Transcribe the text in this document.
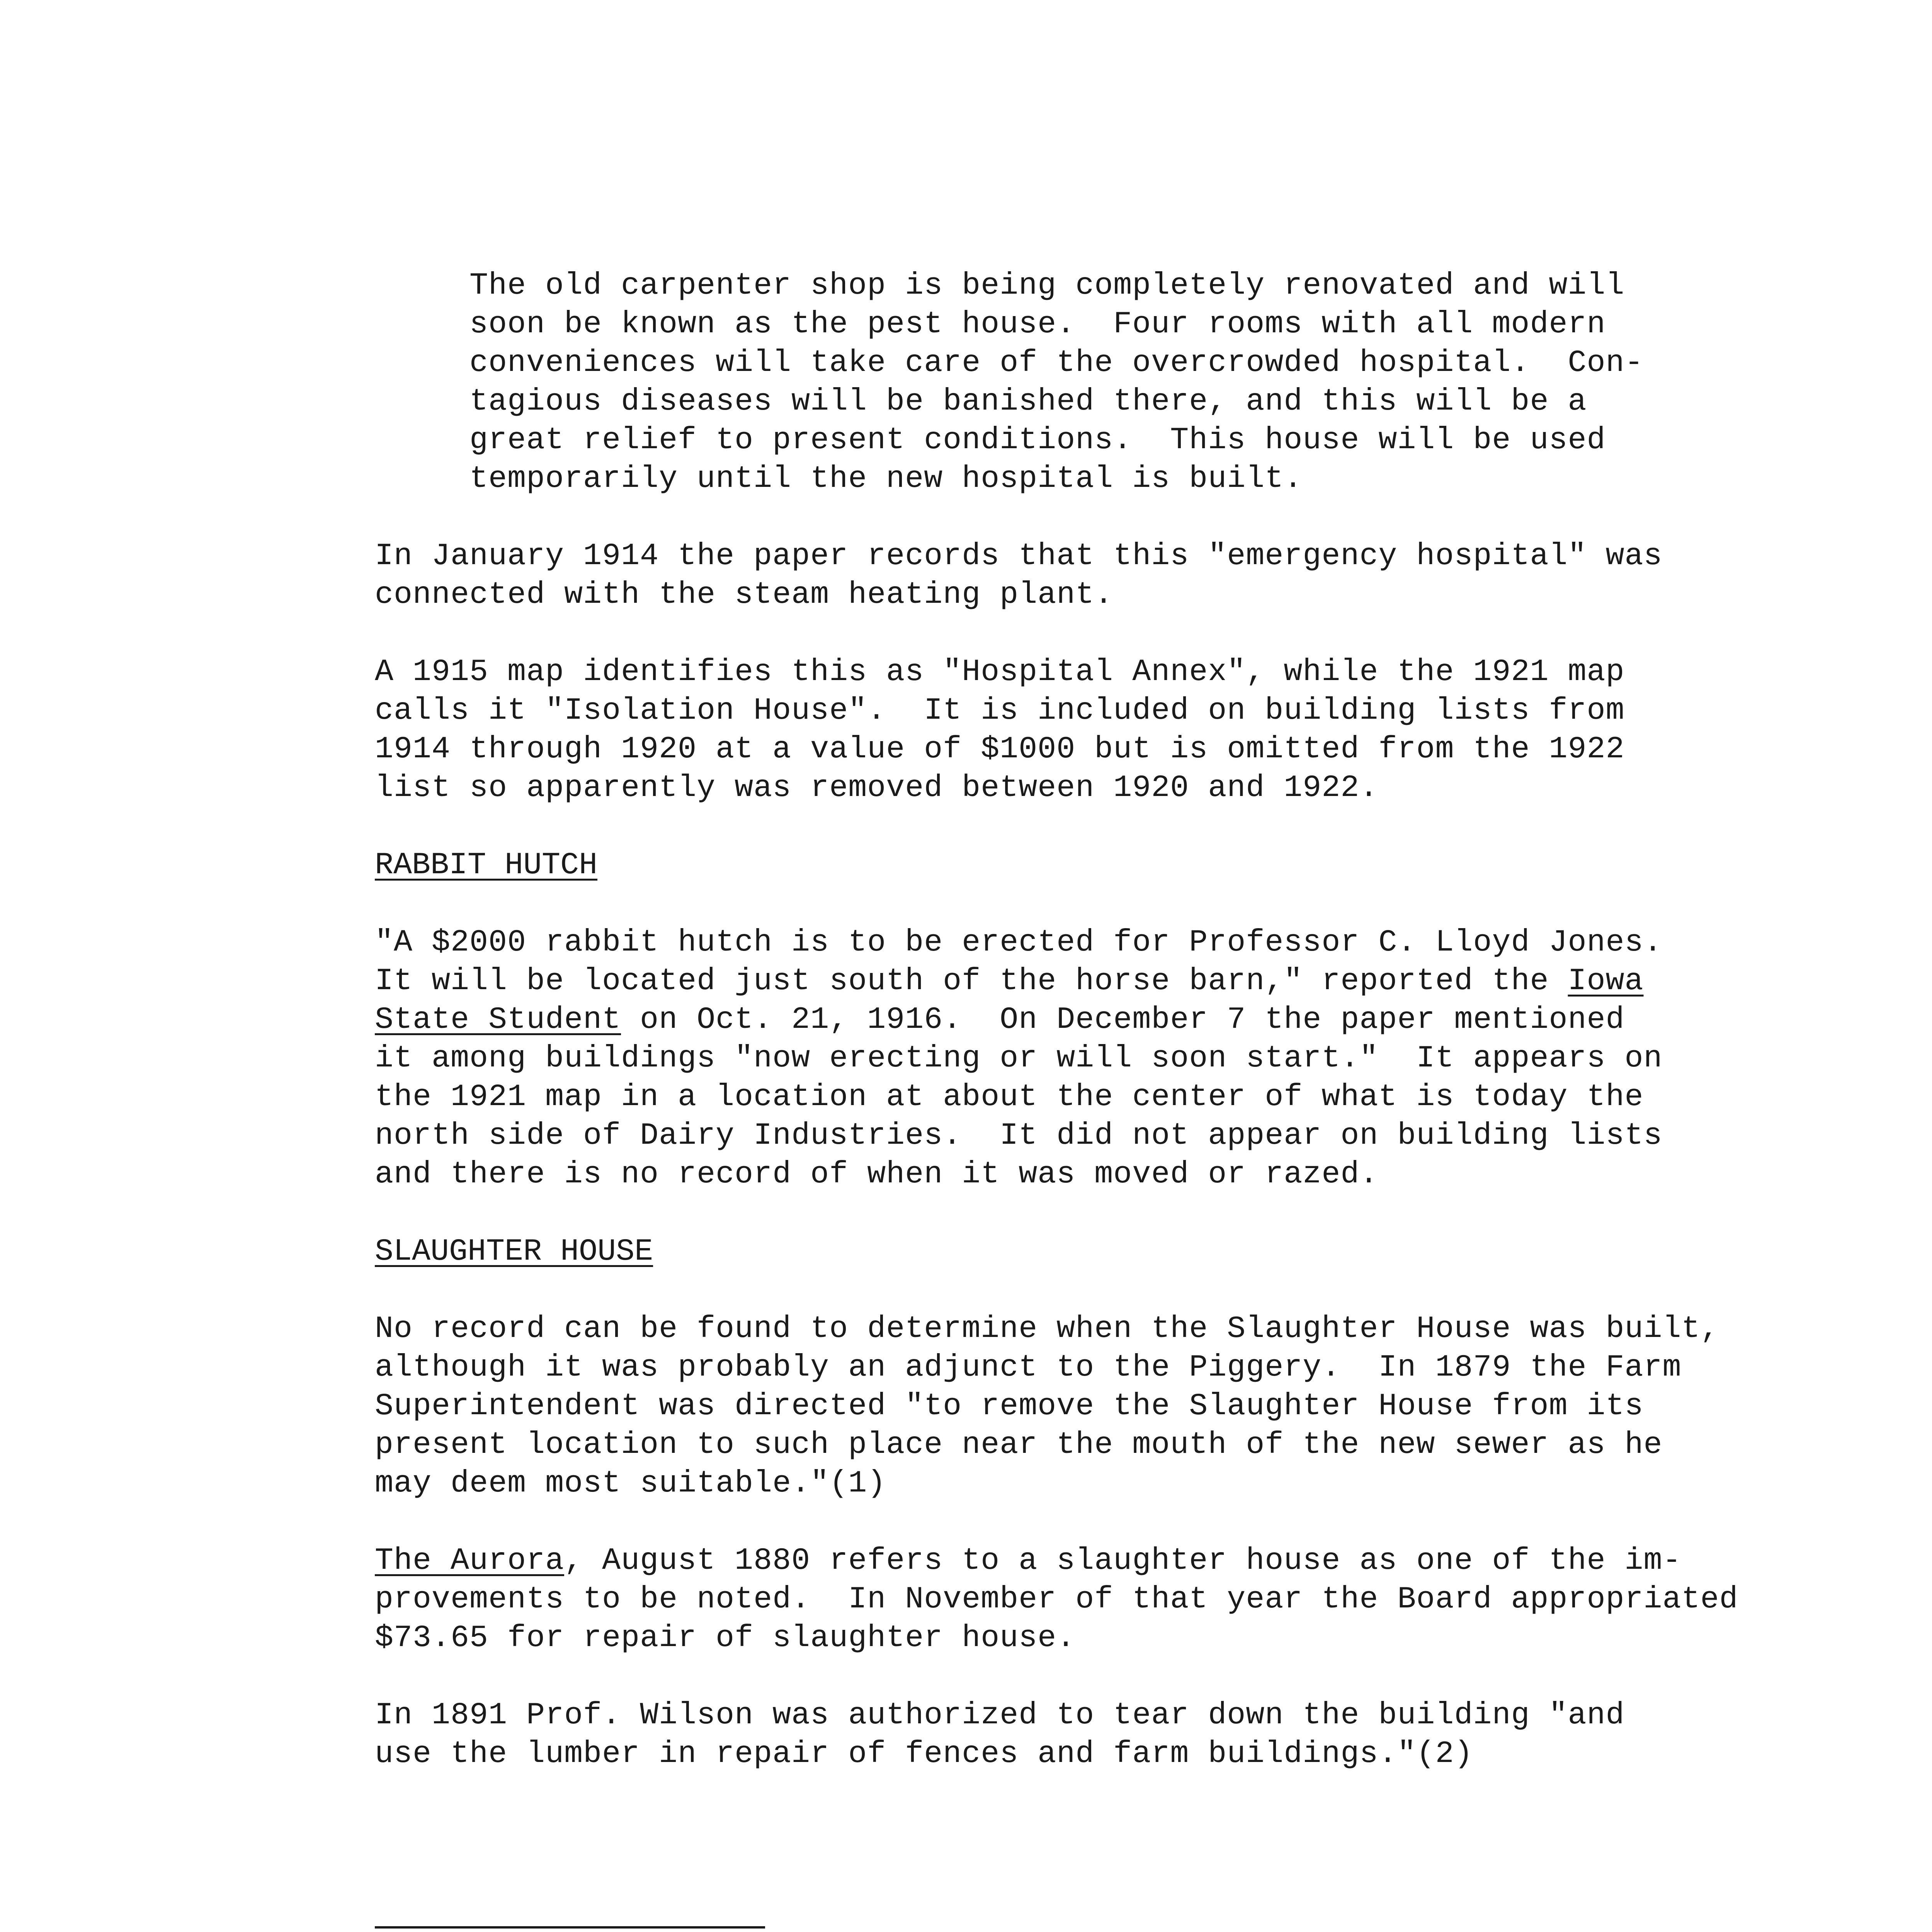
The old carpenter shop is being completely renovated and will
soon be known as the pest house.  Four rooms with all modern
conveniences will take care of the overcrowded hospital.  Con-
tagious diseases will be banished there, and this will be a
great relief to present conditions.  This house will be used
temporarily until the new hospital is built.
In January 1914 the paper records that this "emergency hospital" was
connected with the steam heating plant.
A 1915 map identifies this as "Hospital Annex", while the 1921 map
calls it "Isolation House".  It is included on building lists from
1914 through 1920 at a value of $1000 but is omitted from the 1922
list so apparently was removed between 1920 and 1922.
RABBIT HUTCH
"A $2000 rabbit hutch is to be erected for Professor C. Lloyd Jones.
It will be located just south of the horse barn," reported the Iowa
State Student on Oct. 21, 1916.  On December 7 the paper mentioned
it among buildings "now erecting or will soon start."  It appears on
the 1921 map in a location at about the center of what is today the
north side of Dairy Industries.  It did not appear on building lists
and there is no record of when it was moved or razed.
SLAUGHTER HOUSE
No record can be found to determine when the Slaughter House was built,
although it was probably an adjunct to the Piggery.  In 1879 the Farm
Superintendent was directed "to remove the Slaughter House from its
present location to such place near the mouth of the new sewer as he
may deem most suitable."(1)
The Aurora, August 1880 refers to a slaughter house as one of the im-
provements to be noted.  In November of that year the Board appropriated
$73.65 for repair of slaughter house.
In 1891 Prof. Wilson was authorized to tear down the building "and
use the lumber in repair of fences and farm buildings."(2)
